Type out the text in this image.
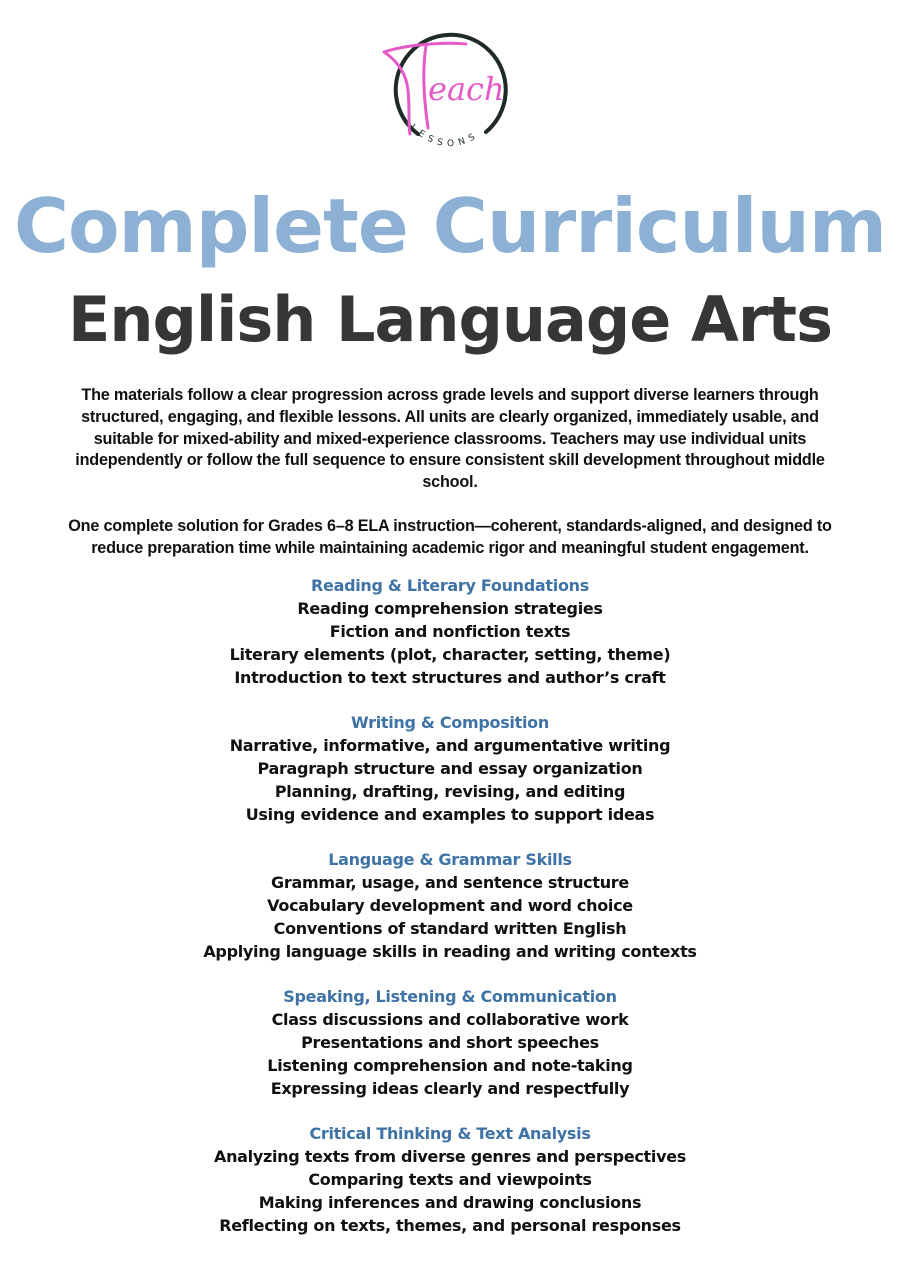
each
LESSONS
Complete Curriculum
English Language Arts

The materials follow a clear progression across grade levels and support diverse learners through structured, engaging, and flexible lessons. All units are clearly organized, immediately usable, and suitable for mixed-ability and mixed-experience classrooms. Teachers may use individual units independently or follow the full sequence to ensure consistent skill development throughout middle school.

One complete solution for Grades 6–8 ELA instruction—coherent, standards-aligned, and designed to reduce preparation time while maintaining academic rigor and meaningful student engagement.

Reading & Literary Foundations
Reading comprehension strategies
Fiction and nonfiction texts
Literary elements (plot, character, setting, theme)
Introduction to text structures and author’s craft
Writing & Composition
Narrative, informative, and argumentative writing
Paragraph structure and essay organization
Planning, drafting, revising, and editing
Using evidence and examples to support ideas
Language & Grammar Skills
Grammar, usage, and sentence structure
Vocabulary development and word choice
Conventions of standard written English
Applying language skills in reading and writing contexts
Speaking, Listening & Communication
Class discussions and collaborative work
Presentations and short speeches
Listening comprehension and note-taking
Expressing ideas clearly and respectfully
Critical Thinking & Text Analysis
Analyzing texts from diverse genres and perspectives
Comparing texts and viewpoints
Making inferences and drawing conclusions
Reflecting on texts, themes, and personal responses
